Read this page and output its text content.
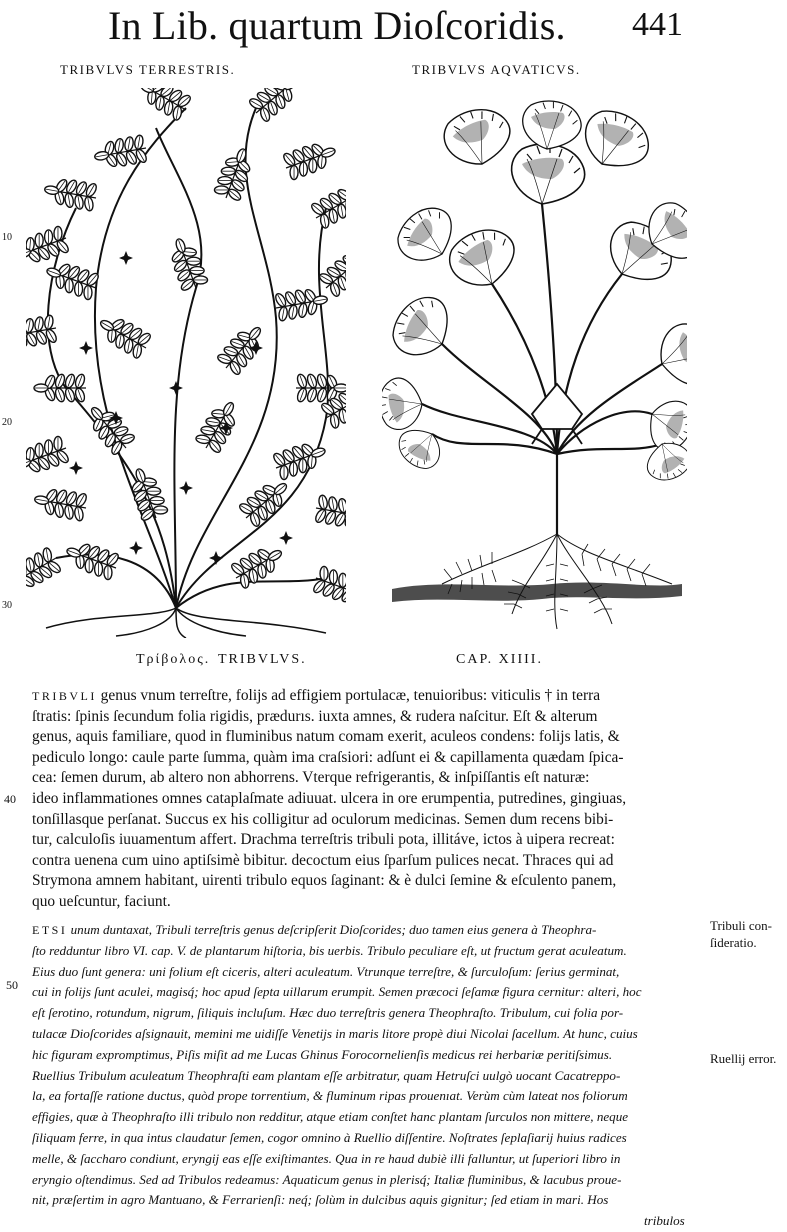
In Lib. quartum Dioſcoridis. 441
TRIBVLVS TERRESTRIS.	TRIBVLVS AQVATICVS.
10
20
30
40
50
Τρίβολος. TRIBVLVS.	CAP. XIIII.
TRIBVLI genus vnum terreſtre, folijs ad effigiem portulacæ, tenuioribus: viticulis † in terra
ſtratis: ſpinis ſecundum folia rigidis, prædurıs. iuxta amnes, & rudera naſcitur. Eſt & alterum
genus, aquis familiare, quod in fluminibus natum comam exerit, aculeos condens: folijs latis, &
pediculo longo: caule parte ſumma, quàm ima craſsiori: adſunt ei & capillamenta quædam ſpica-
cea: ſemen durum, ab altero non abhorrens. Vterque refrigerantis, & inſpiſſantis eſt naturæ:
ideo inflammationes omnes cataplaſmate adiuuat. ulcera in ore erumpentia, putredines, gingiuas,
tonſillasque perſanat. Succus ex his colligitur ad oculorum medicinas. Semen dum recens bibi-
tur, calculoſis iuuamentum affert. Drachma terreſtris tribuli pota, illitáve, ictos à uipera recreat:
contra uenena cum uino aptiſsimè bibitur. decoctum eius ſparſum pulices necat. Thraces qui ad
Strymona amnem habitant, uirenti tribulo equos ſaginant: & è dulci ſemine & eſculento panem,
quo ueſcuntur, faciunt.
ETSI unum duntaxat, Tribuli terreſtris genus deſcripſerit Dioſcorides; duo tamen eius genera à Theophra-
ſto redduntur libro VI. cap. V. de plantarum hiſtoria, bis uerbis. Tribulo peculiare eſt, ut fructum gerat aculeatum.
Eius duo ſunt genera: uni folium eſt ciceris, alteri aculeatum. Vtrunque terreſtre, & ſurculoſum: ſerius germinat,
cui in folijs ſunt aculei, magisq́; hoc apud ſepta uillarum erumpit. Semen præcoci ſeſamæ figura cernitur: alteri, hoc
eſt ſerotino, rotundum, nigrum, ſiliquis incluſum. Hæc duo terreſtris genera Theophraſto. Tribulum, cui folia por-
tulacæ Dioſcorides aſsignauit, memini me uidiſſe Venetijs in maris litore propè diui Nicolai ſacellum. At hunc, cuius
hic figuram expromptimus, Piſis miſit ad me Lucas Ghinus Forocornelienſis medicus rei herbariæ peritiſsimus.
Ruellius Tribulum aculeatum Theophraſti eam plantam eſſe arbitratur, quam Hetruſci uulgò uocant Cacatreppo-
la, ea fortaſſe ratione ductus, quòd prope torrentium, & fluminum ripas prouenıat. Verùm cùm lateat nos foliorum
effigies, quæ à Theophraſto illi tribulo non redditur, atque etiam conſtet hanc plantam ſurculos non mittere, neque
ſiliquam ferre, in qua intus claudatur ſemen, cogor omnino à Ruellio diſſentire. Noſtrates ſeplaſiarij huius radices
melle, & ſaccharo condiunt, eryngij eas eſſe exiſtimantes. Qua in re haud dubiè illi falluntur, ut ſuperiori libro in
eryngio oſtendimus. Sed ad Tribulos redeamus: Aquaticum genus in plerisq́; Italiæ fluminibus, & lacubus proue-
nit, præſertim in agro Mantuano, & Ferrarienſi: neq́; ſolùm in dulcibus aquis gignitur; ſed etiam in mari. Hos
tribulos
Tribuli con-
ſideratio.
Ruellij error.
